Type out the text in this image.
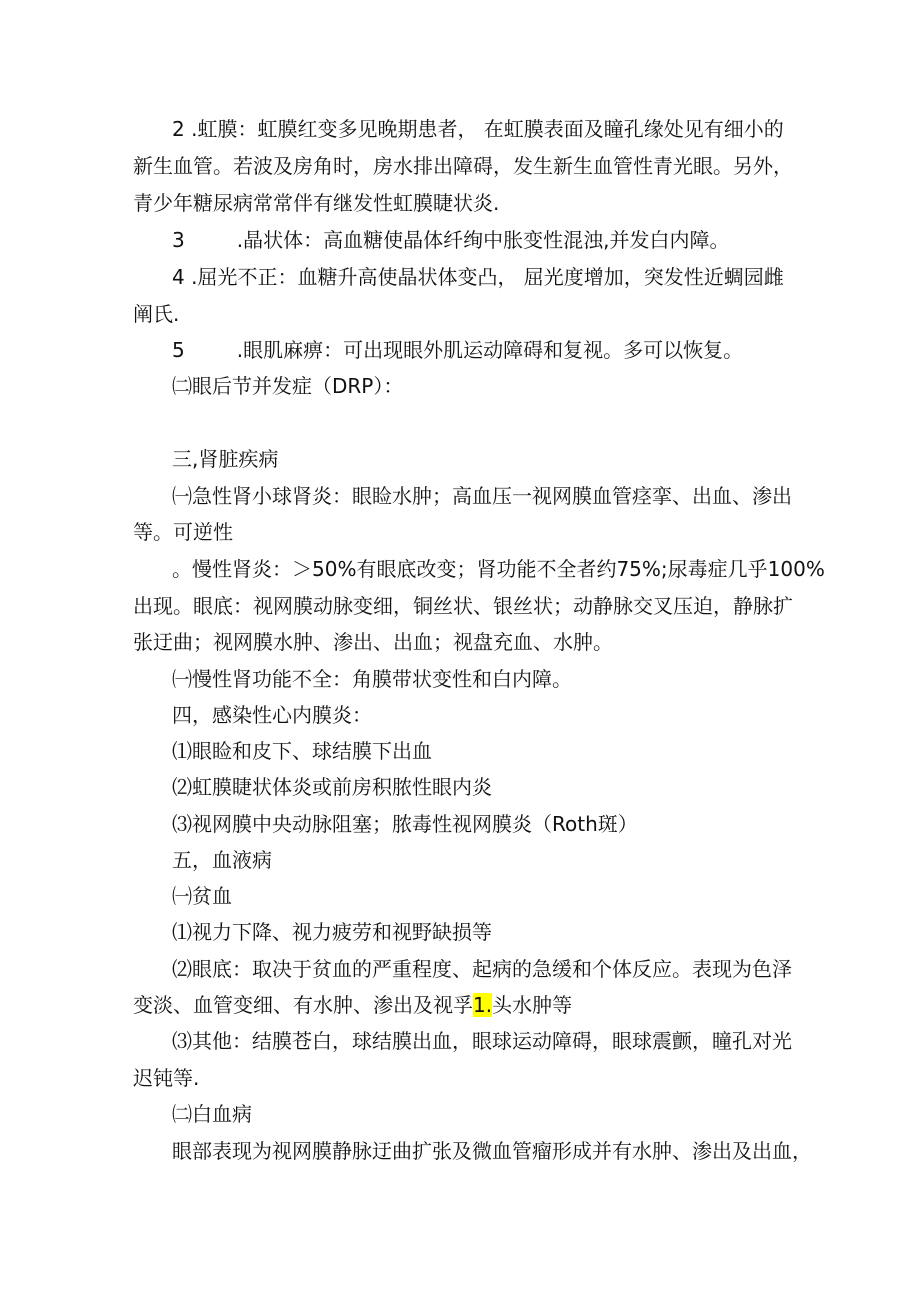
2 .虹膜：虹膜红变多见晚期患者， 在虹膜表面及瞳孔缘处见有细小的
新生血管。若波及房角时，房水排出障碍，发生新生血管性青光眼。另外，
青少年糖尿病常常伴有继发性虹膜睫状炎.
3	.晶状体：高血糖使晶体纤绚中胀变性混浊,并发白内障。
4 .屈光不正：血糖升高使晶状体变凸， 屈光度增加，突发性近蜩园雌
阐氏.
5	.眼肌麻痹：可出现眼外肌运动障碍和复视。多可以恢复。
㈡眼后节并发症（DRP）：
三,肾脏疾病
㈠急性肾小球肾炎：眼睑水肿；高血压一视网膜血管痉挛、出血、渗出
等。可逆性
。慢性肾炎：＞50%有眼底改变；肾功能不全者约75%;尿毒症几乎100%
出现。眼底：视网膜动脉变细，铜丝状、银丝状；动静脉交叉压迫，静脉扩
张迂曲；视网膜水肿、渗出、出血；视盘充血、水肿。
㈠慢性肾功能不全：角膜带状变性和白内障。
四，感染性心内膜炎：
⑴眼睑和皮下、球结膜下出血
⑵虹膜睫状体炎或前房积脓性眼内炎
⑶视网膜中央动脉阻塞；脓毒性视网膜炎（Roth斑）
五，血液病
㈠贫血
⑴视力下降、视力疲劳和视野缺损等
⑵眼底：取决于贫血的严重程度、起病的急缓和个体反应。表现为色泽
变淡、血管变细、有水肿、渗出及视孚1.头水肿等
⑶其他：结膜苍白，球结膜出血，眼球运动障碍，眼球震颤，瞳孔对光
迟钝等.
㈡白血病
眼部表现为视网膜静脉迂曲扩张及微血管瘤形成并有水肿、渗出及出血，
